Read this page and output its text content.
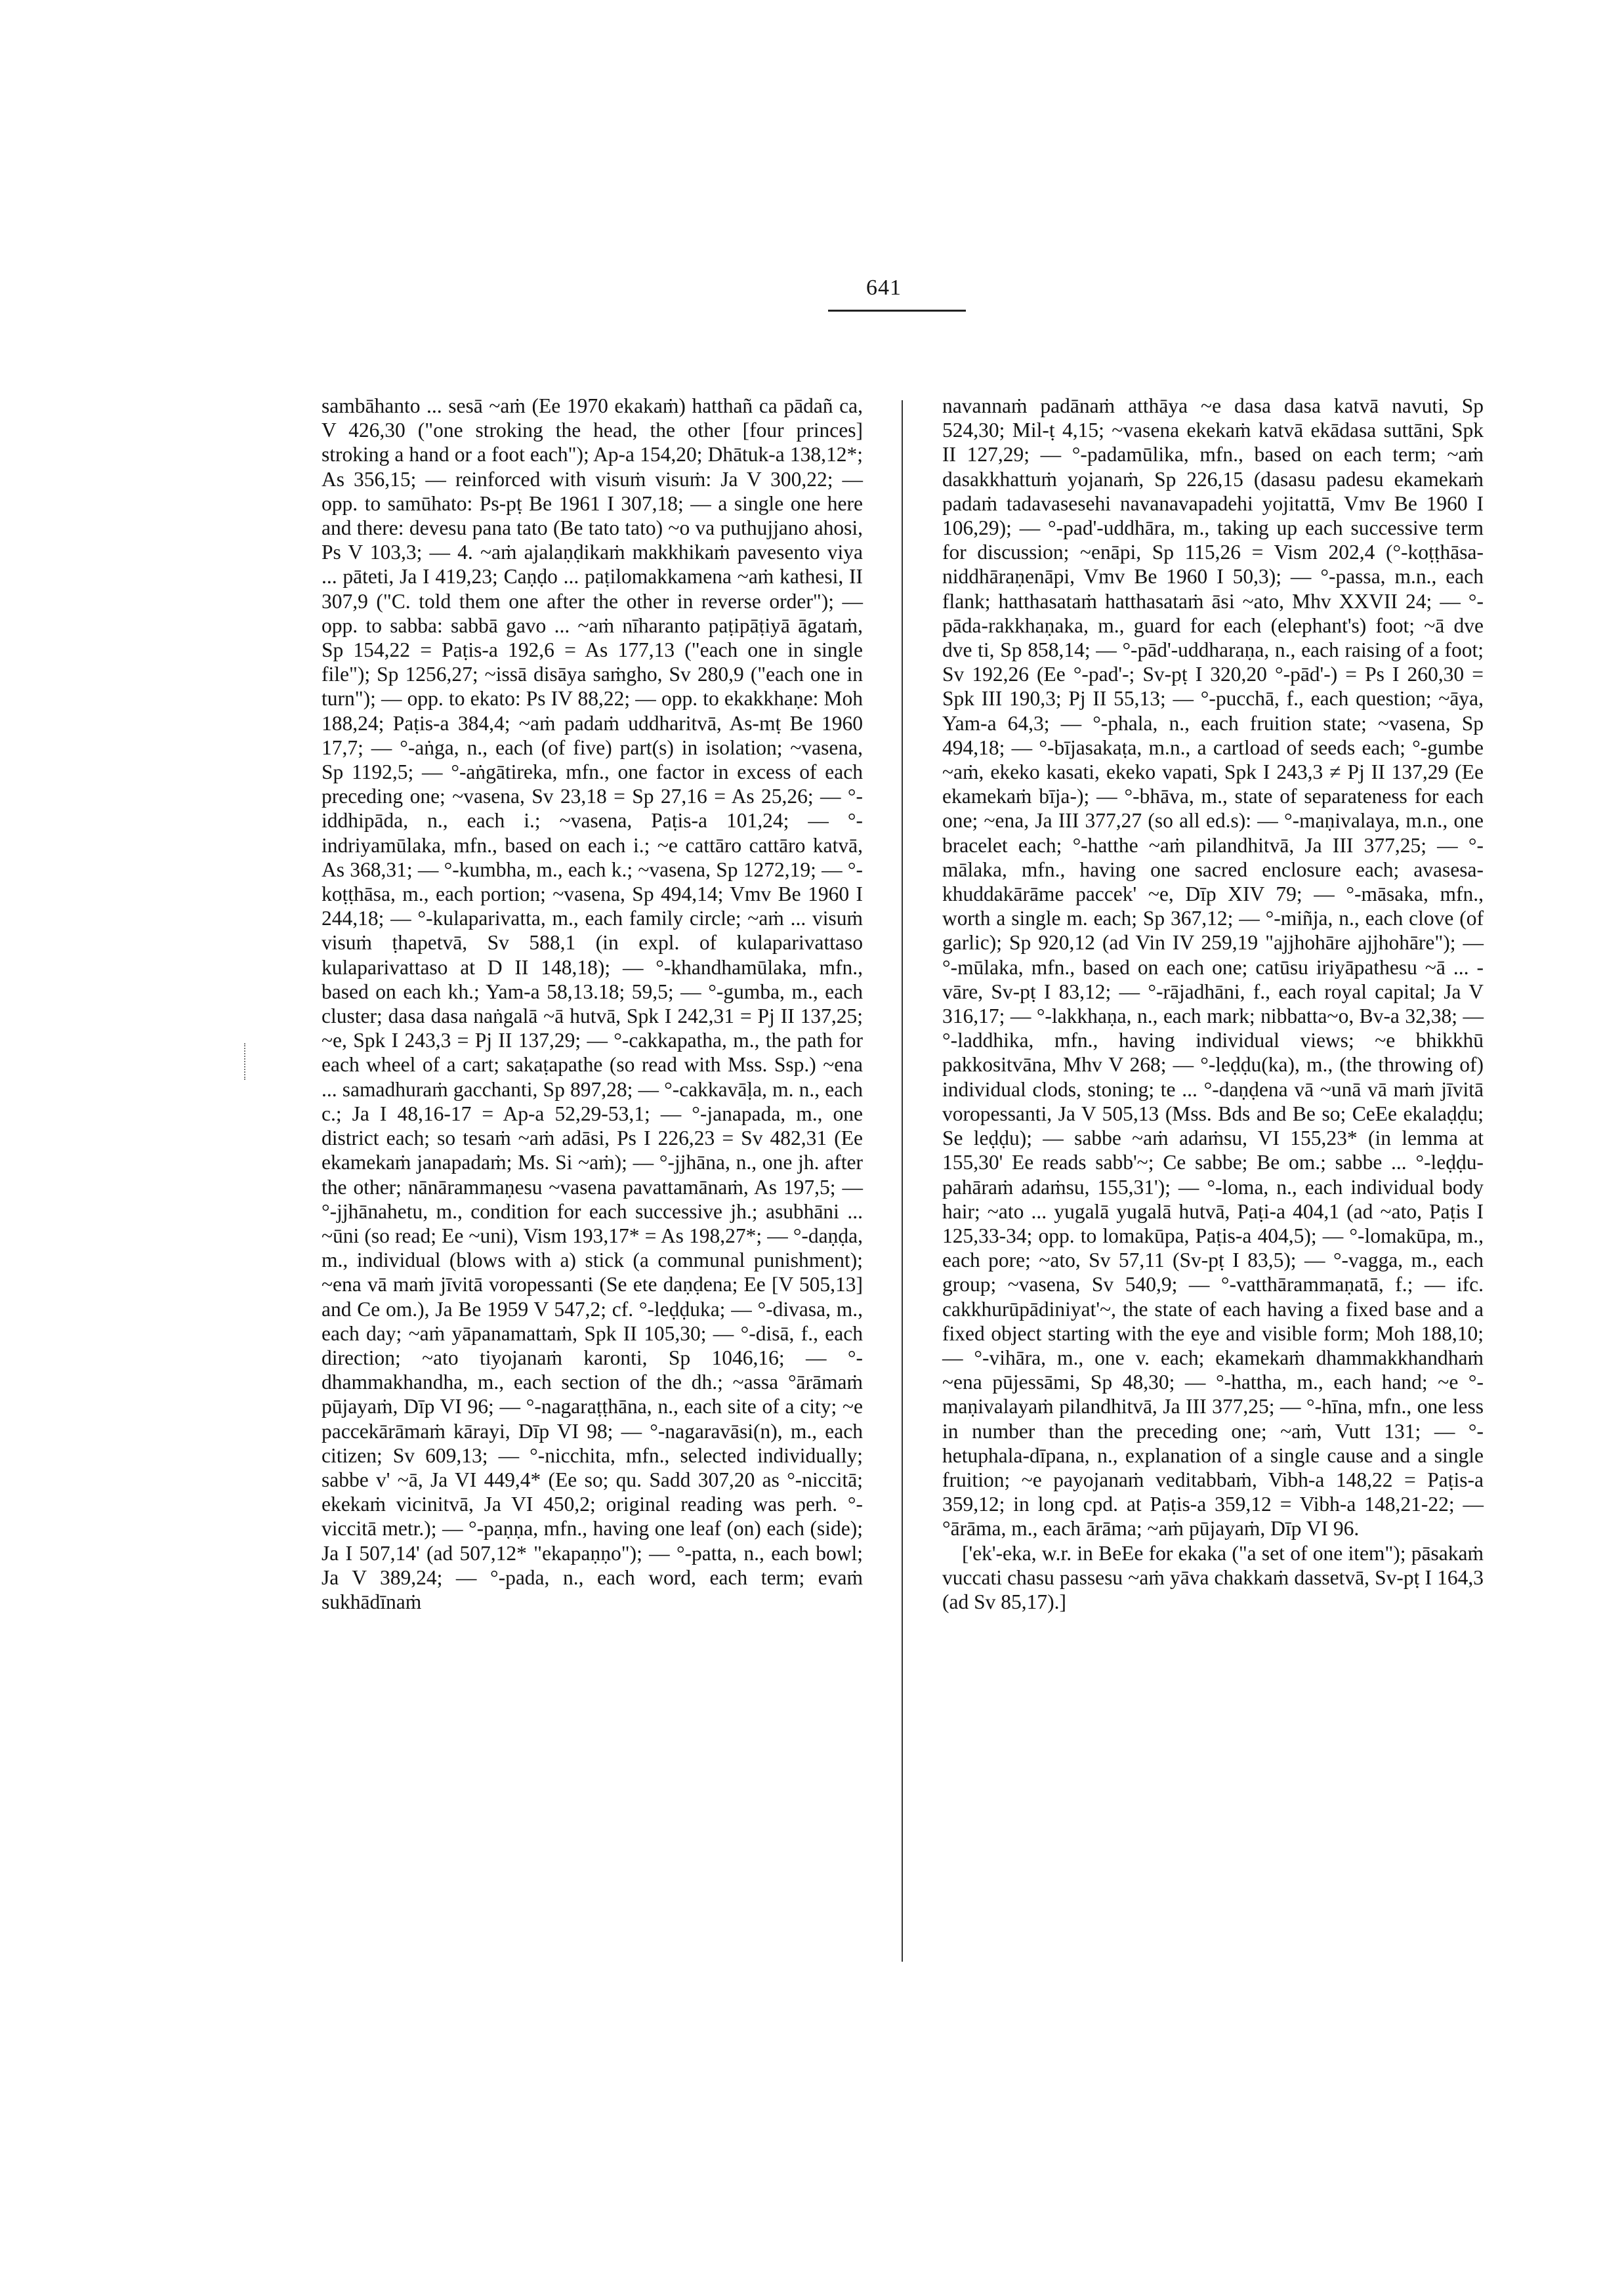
641

sambāhanto ... sesā ~aṁ (Ee 1970 ekakaṁ) hatthañ ca pādañ ca, V 426,30 ("one stroking the head, the other [four princes] stroking a hand or a foot each"); Ap-a 154,20; Dhātuk-a 138,12*; As 356,15; — reinforced with visuṁ visuṁ: Ja V 300,22; — opp. to samūhato: Ps-pṭ Be 1961 I 307,18; — a single one here and there: devesu pana tato (Be tato tato) ~o va puthujjano ahosi, Ps V 103,3; — 4. ~aṁ ajalaṇḍikaṁ makkhikaṁ pavesento viya ... pāteti, Ja I 419,23; Caṇḍo ... paṭilomakkamena ~aṁ kathesi, II 307,9 ("C. told them one after the other in reverse order"); — opp. to sabba: sabbā gavo ... ~aṁ nīharanto paṭipāṭiyā āgataṁ, Sp 154,22 = Paṭis-a 192,6 = As 177,13 ("each one in single file"); Sp 1256,27; ~issā disāya saṁgho, Sv 280,9 ("each one in turn"); — opp. to ekato: Ps IV 88,22; — opp. to ekakkhaṇe: Moh 188,24; Paṭis-a 384,4; ~aṁ padaṁ uddharitvā, As-mṭ Be 1960 17,7; — °-aṅga, n., each (of five) part(s) in isolation; ~vasena, Sp 1192,5; — °-aṅgātireka, mfn., one factor in excess of each preceding one; ~vasena, Sv 23,18 = Sp 27,16 = As 25,26; — °-iddhipāda, n., each i.; ~vasena, Paṭis-a 101,24; — °-indriyamūlaka, mfn., based on each i.; ~e cattāro cattāro katvā, As 368,31; — °-kumbha, m., each k.; ~vasena, Sp 1272,19; — °-koṭṭhāsa, m., each portion; ~vasena, Sp 494,14; Vmv Be 1960 I 244,18; — °-kulaparivatta, m., each family circle; ~aṁ ... visuṁ visuṁ ṭhapetvā, Sv 588,1 (in expl. of kulaparivattaso kulaparivattaso at D II 148,18); — °-khandhamūlaka, mfn., based on each kh.; Yam-a 58,13.18; 59,5; — °-gumba, m., each cluster; dasa dasa naṅgalā ~ā hutvā, Spk I 242,31 = Pj II 137,25; ~e, Spk I 243,3 = Pj II 137,29; — °-cakkapatha, m., the path for each wheel of a cart; sakaṭapathe (so read with Mss. Ssp.) ~ena ... samadhuraṁ gacchanti, Sp 897,28; — °-cakkavāḷa, m. n., each c.; Ja I 48,16-17 = Ap-a 52,29-53,1; — °-janapada, m., one district each; so tesaṁ ~aṁ adāsi, Ps I 226,23 = Sv 482,31 (Ee ekamekaṁ janapadaṁ; Ms. Si ~aṁ); — °-jjhāna, n., one jh. after the other; nānārammaṇesu ~vasena pavattamānaṁ, As 197,5; — °-jjhānahetu, m., condition for each successive jh.; asubhāni ... ~ūni (so read; Ee ~uni), Vism 193,17* = As 198,27*; — °-daṇḍa, m., individual (blows with a) stick (a communal punishment); ~ena vā maṁ jīvitā voropessanti (Se ete daṇḍena; Ee [V 505,13] and Ce om.), Ja Be 1959 V 547,2; cf. °-leḍḍuka; — °-divasa, m., each day; ~aṁ yāpanamattaṁ, Spk II 105,30; — °-disā, f., each direction; ~ato tiyojanaṁ karonti, Sp 1046,16; — °-dhammakhandha, m., each section of the dh.; ~assa °ārāmaṁ pūjayaṁ, Dīp VI 96; — °-nagaraṭṭhāna, n., each site of a city; ~e paccekārāmaṁ kārayi, Dīp VI 98; — °-nagaravāsi(n), m., each citizen; Sv 609,13; — °-nicchita, mfn., selected individually; sabbe v' ~ā, Ja VI 449,4* (Ee so; qu. Sadd 307,20 as °-niccitā; ekekaṁ vicinitvā, Ja VI 450,2; original reading was perh. °-viccitā metr.); — °-paṇṇa, mfn., having one leaf (on) each (side); Ja I 507,14' (ad 507,12* "ekapaṇṇo"); — °-patta, n., each bowl; Ja V 389,24; — °-pada, n., each word, each term; evaṁ sukhādīnaṁ

navannaṁ padānaṁ atthāya ~e dasa dasa katvā navuti, Sp 524,30; Mil-ṭ 4,15; ~vasena ekekaṁ katvā ekādasa suttāni, Spk II 127,29; — °-padamūlika, mfn., based on each term; ~aṁ dasakkhattuṁ yojanaṁ, Sp 226,15 (dasasu padesu ekamekaṁ padaṁ tadavasesehi navanavapadehi yojitattā, Vmv Be 1960 I 106,29); — °-pad'-uddhāra, m., taking up each successive term for discussion; ~enāpi, Sp 115,26 = Vism 202,4 (°-koṭṭhāsa-niddhāraṇenāpi, Vmv Be 1960 I 50,3); — °-passa, m.n., each flank; hatthasataṁ hatthasataṁ āsi ~ato, Mhv XXVII 24; — °-pāda-rakkhaṇaka, m., guard for each (elephant's) foot; ~ā dve dve ti, Sp 858,14; — °-pād'-uddharaṇa, n., each raising of a foot; Sv 192,26 (Ee °-pad'-; Sv-pṭ I 320,20 °-pād'-) = Ps I 260,30 = Spk III 190,3; Pj II 55,13; — °-pucchā, f., each question; ~āya, Yam-a 64,3; — °-phala, n., each fruition state; ~vasena, Sp 494,18; — °-bījasakaṭa, m.n., a cartload of seeds each; °-gumbe ~aṁ, ekeko kasati, ekeko vapati, Spk I 243,3 ≠ Pj II 137,29 (Ee ekamekaṁ bīja-); — °-bhāva, m., state of separateness for each one; ~ena, Ja III 377,27 (so all ed.s): — °-maṇivalaya, m.n., one bracelet each; °-hatthe ~aṁ pilandhitvā, Ja III 377,25; — °-mālaka, mfn., having one sacred enclosure each; avasesa-khuddakārāme paccek' ~e, Dīp XIV 79; — °-māsaka, mfn., worth a single m. each; Sp 367,12; — °-miñja, n., each clove (of garlic); Sp 920,12 (ad Vin IV 259,19 "ajjhohāre ajjhohāre"); — °-mūlaka, mfn., based on each one; catūsu iriyāpathesu ~ā ... -vāre, Sv-pṭ I 83,12; — °-rājadhāni, f., each royal capital; Ja V 316,17; — °-lakkhaṇa, n., each mark; nibbatta~o, Bv-a 32,38; — °-laddhika, mfn., having individual views; ~e bhikkhū pakkositvāna, Mhv V 268; — °-leḍḍu(ka), m., (the throwing of) individual clods, stoning; te ... °-daṇḍena vā ~unā vā maṁ jīvitā voropessanti, Ja V 505,13 (Mss. Bds and Be so; CeEe ekalaḍḍu; Se leḍḍu); — sabbe ~aṁ adaṁsu, VI 155,23* (in lemma at 155,30' Ee reads sabb'~; Ce sabbe; Be om.; sabbe ... °-leḍḍu-pahāraṁ adaṁsu, 155,31'); — °-loma, n., each individual body hair; ~ato ... yugalā yugalā hutvā, Paṭi-a 404,1 (ad ~ato, Paṭis I 125,33-34; opp. to lomakūpa, Paṭis-a 404,5); — °-lomakūpa, m., each pore; ~ato, Sv 57,11 (Sv-pṭ I 83,5); — °-vagga, m., each group; ~vasena, Sv 540,9; — °-vatthārammaṇatā, f.; — ifc. cakkhurūpādiniyat'~, the state of each having a fixed base and a fixed object starting with the eye and visible form; Moh 188,10; — °-vihāra, m., one v. each; ekamekaṁ dhammakkhandhaṁ ~ena pūjessāmi, Sp 48,30; — °-hattha, m., each hand; ~e °-maṇivalayaṁ pilandhitvā, Ja III 377,25; — °-hīna, mfn., one less in number than the preceding one; ~aṁ, Vutt 131; — °-hetuphala-dīpana, n., explanation of a single cause and a single fruition; ~e payojanaṁ veditabbaṁ, Vibh-a 148,22 = Paṭis-a 359,12; in long cpd. at Paṭis-a 359,12 = Vibh-a 148,21-22; — °ārāma, m., each ārāma; ~aṁ pūjayaṁ, Dīp VI 96.

['ek'-eka, w.r. in BeEe for ekaka ("a set of one item"); pāsakaṁ vuccati chasu passesu ~aṁ yāva chakkaṁ dassetvā, Sv-pṭ I 164,3 (ad Sv 85,17).]
